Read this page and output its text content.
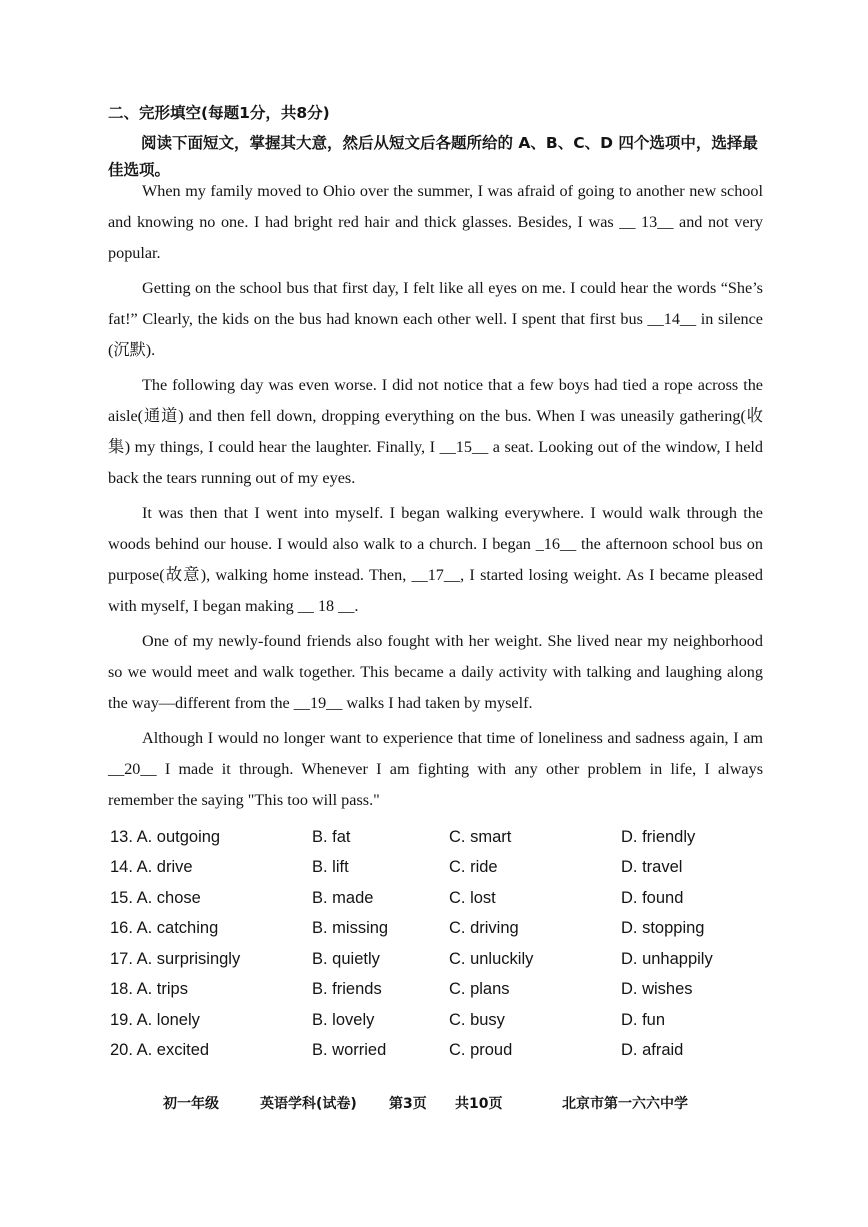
二、完形填空(每题1分，共8分)
阅读下面短文，掌握其大意，然后从短文后各题所给的 A、B、C、D 四个选项中，选择最佳选项。

When my family moved to Ohio over the summer, I was afraid of going to another new school and knowing no one. I had bright red hair and thick glasses. Besides, I was __ 13__ and not very popular.

Getting on the school bus that first day, I felt like all eyes on me. I could hear the words “She’s fat!” Clearly, the kids on the bus had known each other well. I spent that first bus __14__ in silence (沉默).

The following day was even worse. I did not notice that a few boys had tied a rope across the aisle(通道) and then fell down, dropping everything on the bus. When I was uneasily gathering(收集) my things, I could hear the laughter. Finally, I __15__ a seat. Looking out of the window, I held back the tears running out of my eyes.

It was then that I went into myself. I began walking everywhere. I would walk through the woods behind our house. I would also walk to a church. I began _16__ the afternoon school bus on purpose(故意), walking home instead. Then, __17__, I started losing weight. As I became pleased with myself, I began making __ 18 __.

One of my newly-found friends also fought with her weight. She lived near my neighborhood so we would meet and walk together. This became a daily activity with talking and laughing along the way—different from the __19__ walks I had taken by myself.

Although I would no longer want to experience that time of loneliness and sadness again, I am __20__ I made it through. Whenever I am fighting with any other problem in life, I always remember the saying "This too will pass."

13. A. outgoing	B. fat	C. smart	D. friendly
14. A. drive	B. lift	C. ride	D. travel
15. A. chose	B. made	C. lost	D. found
16. A. catching	B. missing	C. driving	D. stopping
17. A. surprisingly	B. quietly	C. unluckily	D. unhappily
18. A. trips	B. friends	C. plans	D. wishes
19. A. lonely	B. lovely	C. busy	D. fun
20. A. excited	B. worried	C. proud	D. afraid
初一年级	英语学科(试卷) 第3页 共10页	北京市第一六六中学
